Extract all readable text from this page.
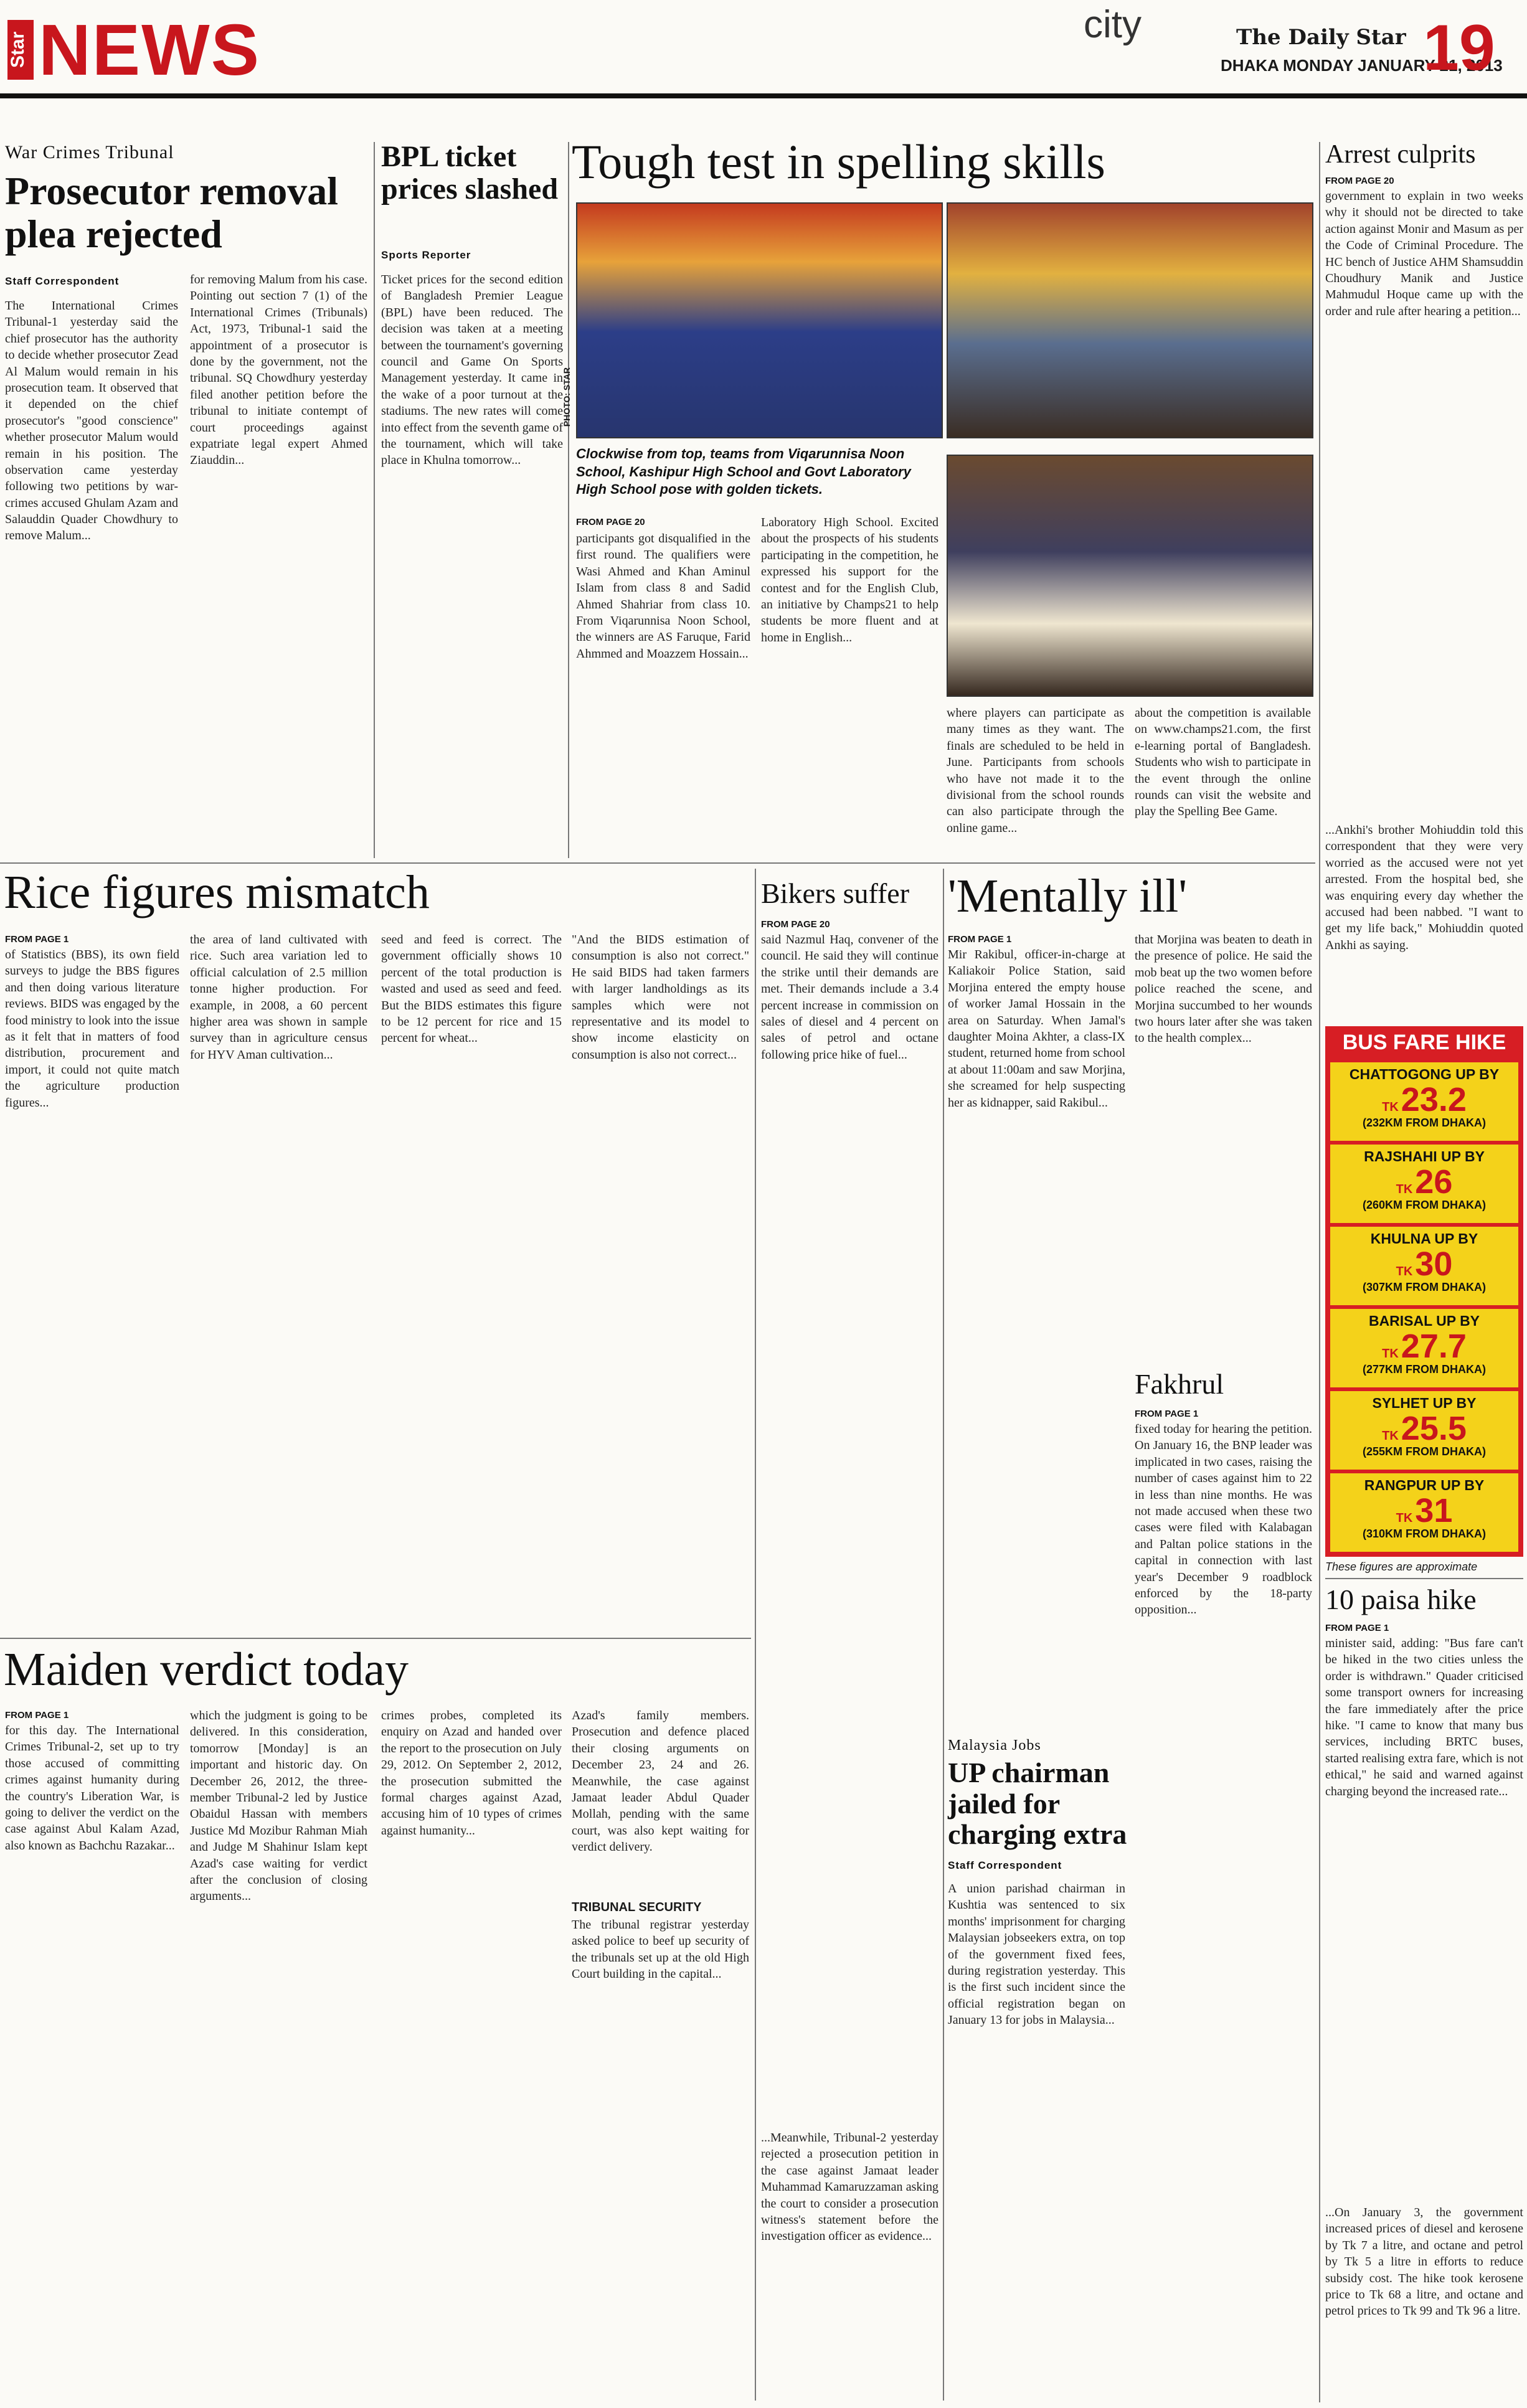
Star NEWS	city	The Daily Star
DHAKA MONDAY JANUARY 21, 2013
19
War Crimes Tribunal
Prosecutor removal plea rejected
Staff Correspondent
The International Crimes Tribunal-1 yesterday said the chief prosecutor has the authority to decide whether prosecutor Zead Al Malum would remain in his prosecution team. It observed that it depended on the chief prosecutor's "good conscience" whether prosecutor Malum would remain in his position. The observation came yesterday following two petitions by war-crimes accused Ghulam Azam and Salauddin Quader Chowdhury to remove Malum...
for removing Malum from his case. Pointing out section 7 (1) of the International Crimes (Tribunals) Act, 1973, Tribunal-1 said the appointment of a prosecutor is done by the government, not the tribunal. SQ Chowdhury yesterday filed another petition before the tribunal to initiate contempt of court proceedings against expatriate legal expert Ahmed Ziauddin...
BPL ticket prices slashed
Sports Reporter
Ticket prices for the second edition of Bangladesh Premier League (BPL) have been reduced. The decision was taken at a meeting between the tournament's governing council and Game On Sports Management yesterday. It came in the wake of a poor turnout at the stadiums. The new rates will come into effect from the seventh game of the tournament, which will take place in Khulna tomorrow...
Tough test in spelling skills
PHOTO: STAR
Clockwise from top, teams from Viqarunnisa Noon School, Kashipur High School and Govt Laboratory High School pose with golden tickets.
FROM PAGE 20
participants got disqualified in the first round. The qualifiers were Wasi Ahmed and Khan Aminul Islam from class 8 and Sadid Ahmed Shahriar from class 10. From Viqarunnisa Noon School, the winners are AS Faruque, Farid Ahmmed and Moazzem Hossain...
Laboratory High School. Excited about the prospects of his students participating in the competition, he expressed his support for the contest and for the English Club, an initiative by Champs21 to help students be more fluent and at home in English...
where players can participate as many times as they want. The finals are scheduled to be held in June. Participants from schools who have not made it to the divisional from the school rounds can also participate through the online game...
about the competition is available on www.champs21.com, the first e-learning portal of Bangladesh. Students who wish to participate in the event through the online rounds can visit the website and play the Spelling Bee Game.
Arrest culprits
FROM PAGE 20
government to explain in two weeks why it should not be directed to take action against Monir and Masum as per the Code of Criminal Procedure. The HC bench of Justice AHM Shamsuddin Choudhury Manik and Justice Mahmudul Hoque came up with the order and rule after hearing a petition...
...Ankhi's brother Mohiuddin told this correspondent that they were very worried as the accused were not yet arrested. From the hospital bed, she was enquiring every day whether the accused had been nabbed. "I want to get my life back," Mohiuddin quoted Ankhi as saying.
BUS FARE HIKE
CHATTOGONG UP BY
TK 23.2
(232KM FROM DHAKA)
RAJSHAHI UP BY
TK 26
(260KM FROM DHAKA)
KHULNA UP BY
TK 30
(307KM FROM DHAKA)
BARISAL UP BY
TK 27.7
(277KM FROM DHAKA)
SYLHET UP BY
TK 25.5
(255KM FROM DHAKA)
RANGPUR UP BY
TK 31
(310KM FROM DHAKA)
These figures are approximate
10 paisa hike
FROM PAGE 1
minister said, adding: "Bus fare can't be hiked in the two cities unless the order is withdrawn." Quader criticised some transport owners for increasing the fare immediately after the price hike. "I came to know that many bus services, including BRTC buses, started realising extra fare, which is not ethical," he said and warned against charging beyond the increased rate...
...On January 3, the government increased prices of diesel and kerosene by Tk 7 a litre, and octane and petrol by Tk 5 a litre in efforts to reduce subsidy cost. The hike took kerosene price to Tk 68 a litre, and octane and petrol prices to Tk 99 and Tk 96 a litre.
Rice figures mismatch
FROM PAGE 1
of Statistics (BBS), its own field surveys to judge the BBS figures and then doing various literature reviews. BIDS was engaged by the food ministry to look into the issue as it felt that in matters of food distribution, procurement and import, it could not quite match the agriculture production figures...
the area of land cultivated with rice. Such area variation led to official calculation of 2.5 million tonne higher production. For example, in 2008, a 60 percent higher area was shown in sample survey than in agriculture census for HYV Aman cultivation...
seed and feed is correct. The government officially shows 10 percent of the total production is wasted and used as seed and feed. But the BIDS estimates this figure to be 12 percent for rice and 15 percent for wheat...
"And the BIDS estimation of consumption is also not correct." He said BIDS had taken farmers with larger landholdings as its samples which were not representative and its model to show income elasticity on consumption is also not correct...
Bikers suffer
FROM PAGE 20
said Nazmul Haq, convener of the council. He said they will continue the strike until their demands are met. Their demands include a 3.4 percent increase in commission on sales of diesel and 4 percent on sales of petrol and octane following price hike of fuel...
...Meanwhile, Tribunal-2 yesterday rejected a prosecution petition in the case against Jamaat leader Muhammad Kamaruzzaman asking the court to consider a prosecution witness's statement before the investigation officer as evidence...
'Mentally ill'
FROM PAGE 1
Mir Rakibul, officer-in-charge at Kaliakoir Police Station, said Morjina entered the empty house of worker Jamal Hossain in the area on Saturday. When Jamal's daughter Moina Akhter, a class-IX student, returned home from school at about 11:00am and saw Morjina, she screamed for help suspecting her as kidnapper, said Rakibul...
that Morjina was beaten to death in the presence of police. He said the mob beat up the two women before police reached the scene, and Morjina succumbed to her wounds two hours later after she was taken to the health complex...
Fakhrul
FROM PAGE 1
fixed today for hearing the petition. On January 16, the BNP leader was implicated in two cases, raising the number of cases against him to 22 in less than nine months. He was not made accused when these two cases were filed with Kalabagan and Paltan police stations in the capital in connection with last year's December 9 roadblock enforced by the 18-party opposition...
Malaysia Jobs
UP chairman jailed for charging extra
Staff Correspondent
A union parishad chairman in Kushtia was sentenced to six months' imprisonment for charging Malaysian jobseekers extra, on top of the government fixed fees, during registration yesterday. This is the first such incident since the official registration began on January 13 for jobs in Malaysia...
Maiden verdict today
FROM PAGE 1
for this day. The International Crimes Tribunal-2, set up to try those accused of committing crimes against humanity during the country's Liberation War, is going to deliver the verdict on the case against Abul Kalam Azad, also known as Bachchu Razakar...
which the judgment is going to be delivered. In this consideration, tomorrow [Monday] is an important and historic day. On December 26, 2012, the three-member Tribunal-2 led by Justice Obaidul Hassan with members Justice Md Mozibur Rahman Miah and Judge M Shahinur Islam kept Azad's case waiting for verdict after the conclusion of closing arguments...
crimes probes, completed its enquiry on Azad and handed over the report to the prosecution on July 29, 2012. On September 2, 2012, the prosecution submitted the formal charges against Azad, accusing him of 10 types of crimes against humanity...
Azad's family members. Prosecution and defence placed their closing arguments on December 23, 24 and 26. Meanwhile, the case against Jamaat leader Abdul Quader Mollah, pending with the same court, was also kept waiting for verdict delivery.
TRIBUNAL SECURITY
The tribunal registrar yesterday asked police to beef up security of the tribunals set up at the old High Court building in the capital...
